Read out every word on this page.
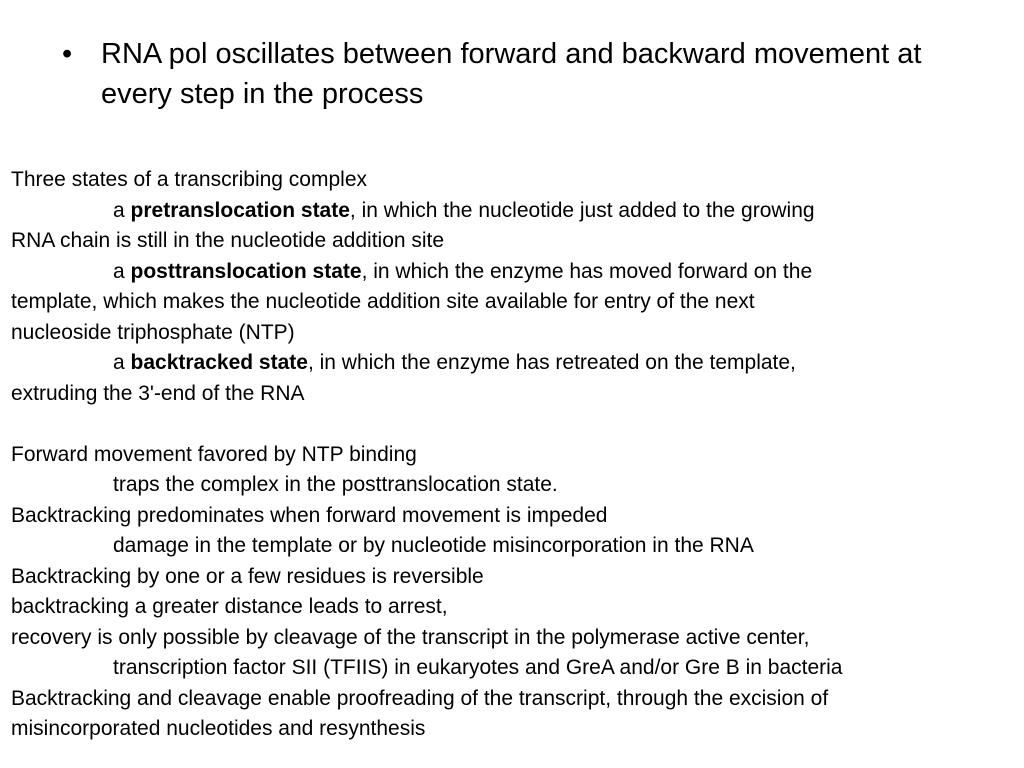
• RNA pol oscillates between forward and backward movement at every step in the process
Three states of a transcribing complex
a pretranslocation state, in which the nucleotide just added to the growing
RNA chain is still in the nucleotide addition site
a posttranslocation state, in which the enzyme has moved forward on the
template, which makes the nucleotide addition site available for entry of the next
nucleoside triphosphate (NTP)
a backtracked state, in which the enzyme has retreated on the template,
extruding the 3'-end of the RNA
Forward movement favored by NTP binding
traps the complex in the posttranslocation state.
Backtracking predominates when forward movement is impeded
damage in the template or by nucleotide misincorporation in the RNA
Backtracking by one or a few residues is reversible
backtracking a greater distance leads to arrest,
recovery is only possible by cleavage of the transcript in the polymerase active center,
transcription factor SII (TFIIS) in eukaryotes and GreA and/or Gre B in bacteria
Backtracking and cleavage enable proofreading of the transcript, through the excision of
misincorporated nucleotides and resynthesis
